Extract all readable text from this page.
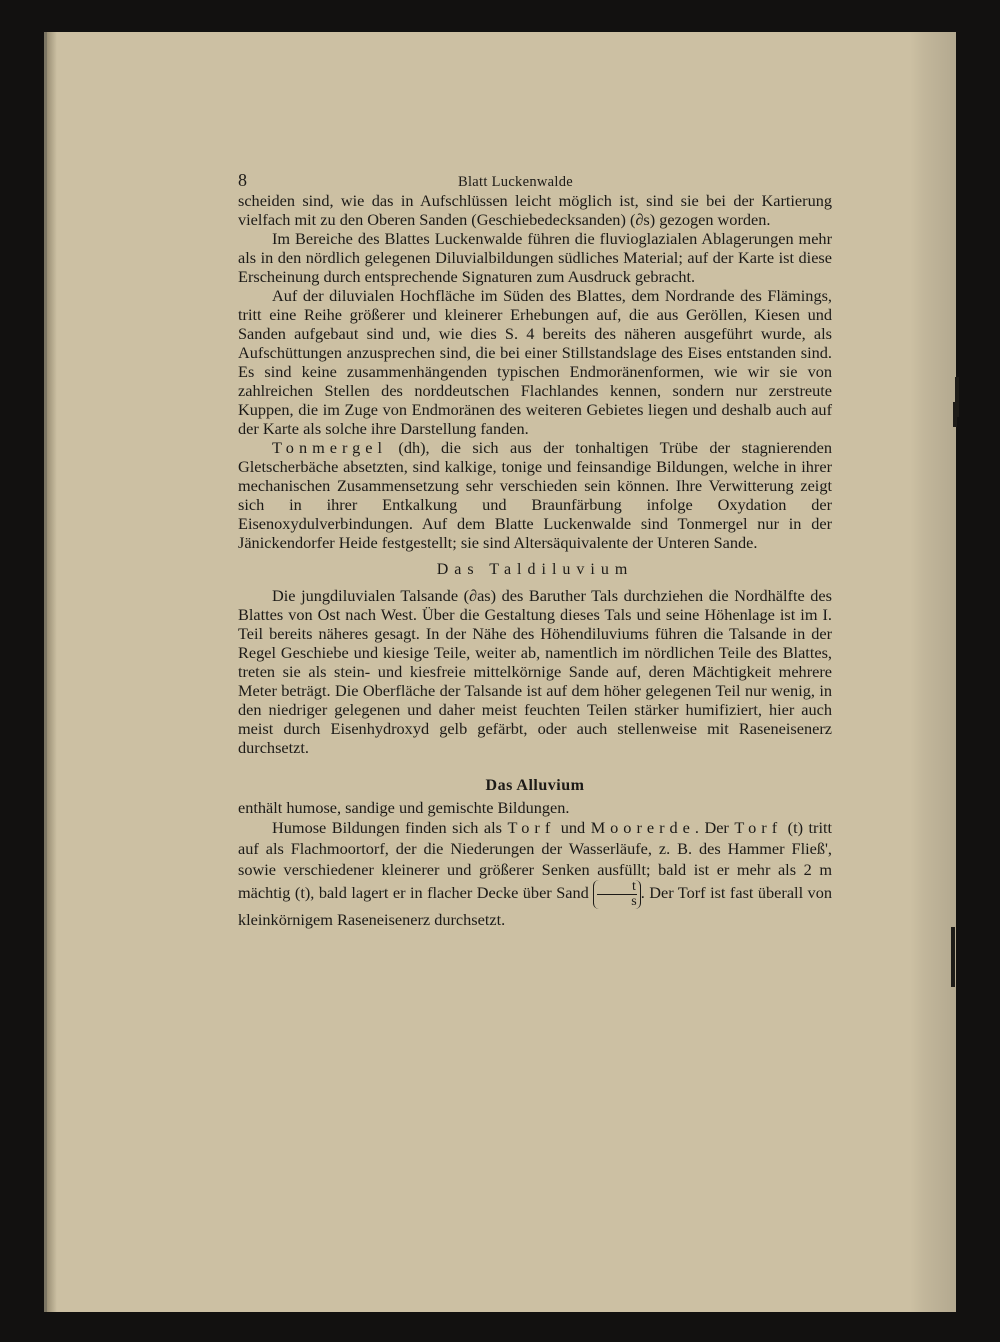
8	Blatt Luckenwalde

scheiden sind, wie das in Aufschlüssen leicht möglich ist, sind sie bei der Kartierung vielfach mit zu den Oberen Sanden (Geschiebedecksanden) (∂s) gezogen worden.

Im Bereiche des Blattes Luckenwalde führen die fluvioglazialen Ablagerungen mehr als in den nördlich gelegenen Diluvialbildungen südliches Material; auf der Karte ist diese Erscheinung durch entsprechende Signaturen zum Ausdruck gebracht.

Auf der diluvialen Hochfläche im Süden des Blattes, dem Nordrande des Flämings, tritt eine Reihe größerer und kleinerer Erhebungen auf, die aus Geröllen, Kiesen und Sanden aufgebaut sind und, wie dies S. 4 bereits des näheren ausgeführt wurde, als Aufschüttungen anzusprechen sind, die bei einer Stillstandslage des Eises entstanden sind. Es sind keine zusammenhängenden typischen Endmoränenformen, wie wir sie von zahlreichen Stellen des norddeutschen Flachlandes kennen, sondern nur zerstreute Kuppen, die im Zuge von Endmoränen des weiteren Gebietes liegen und deshalb auch auf der Karte als solche ihre Darstellung fanden.

Tonmergel (dh), die sich aus der tonhaltigen Trübe der stagnierenden Gletscherbäche absetzten, sind kalkige, tonige und feinsandige Bildungen, welche in ihrer mechanischen Zusammensetzung sehr verschieden sein können. Ihre Verwitterung zeigt sich in ihrer Entkalkung und Braunfärbung infolge Oxydation der Eisenoxydulverbindungen. Auf dem Blatte Luckenwalde sind Tonmergel nur in der Jänickendorfer Heide festgestellt; sie sind Altersäquivalente der Unteren Sande.

Das Taldiluvium

Die jungdiluvialen Talsande (∂as) des Baruther Tals durchziehen die Nordhälfte des Blattes von Ost nach West. Über die Gestaltung dieses Tals und seine Höhenlage ist im I. Teil bereits näheres gesagt. In der Nähe des Höhendiluviums führen die Talsande in der Regel Geschiebe und kiesige Teile, weiter ab, namentlich im nördlichen Teile des Blattes, treten sie als stein- und kiesfreie mittelkörnige Sande auf, deren Mächtigkeit mehrere Meter beträgt. Die Oberfläche der Talsande ist auf dem höher gelegenen Teil nur wenig, in den niedriger gelegenen und daher meist feuchten Teilen stärker humifiziert, hier auch meist durch Eisenhydroxyd gelb gefärbt, oder auch stellenweise mit Raseneisenerz durchsetzt.

Das Alluvium

enthält humose, sandige und gemischte Bildungen.

Humose Bildungen finden sich als Torf und Moorerde. Der Torf (t) tritt auf als Flachmoortorf, der die Niederungen der Wasserläufe, z. B. des Hammer Fließ', sowie verschiedener kleinerer und größerer Senken ausfüllt; bald ist er mehr als 2 m mächtig (t), bald lagert er in flacher Decke über Sand $\frac{t}{s}$ . Der Torf ist fast überall von kleinkörnigem Raseneisenerz durchsetzt.
